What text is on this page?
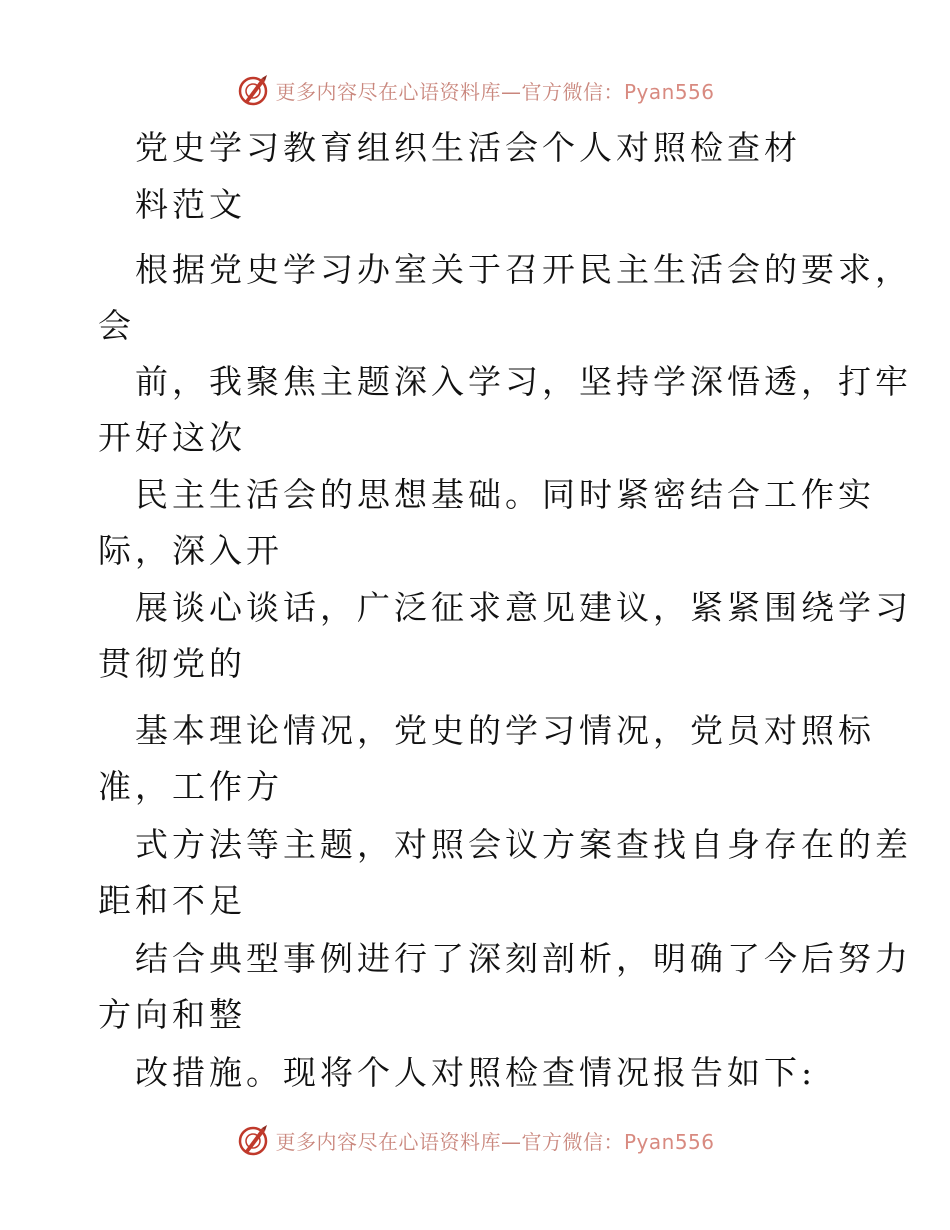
更多内容尽在心语资料库—官方微信：Pyan556
党史学习教育组织生活会个人对照检查材
料范文
根据党史学习办室关于召开民主生活会的要求，
会
前，我聚焦主题深入学习，坚持学深悟透，打牢
开好这次
民主生活会的思想基础。同时紧密结合工作实
际，深入开
展谈心谈话，广泛征求意见建议，紧紧围绕学习
贯彻党的
基本理论情况，党史的学习情况，党员对照标
准，工作方
式方法等主题，对照会议方案查找自身存在的差
距和不足
结合典型事例进行了深刻剖析，明确了今后努力
方向和整
改措施。现将个人对照检查情况报告如下:
更多内容尽在心语资料库—官方微信：Pyan556
